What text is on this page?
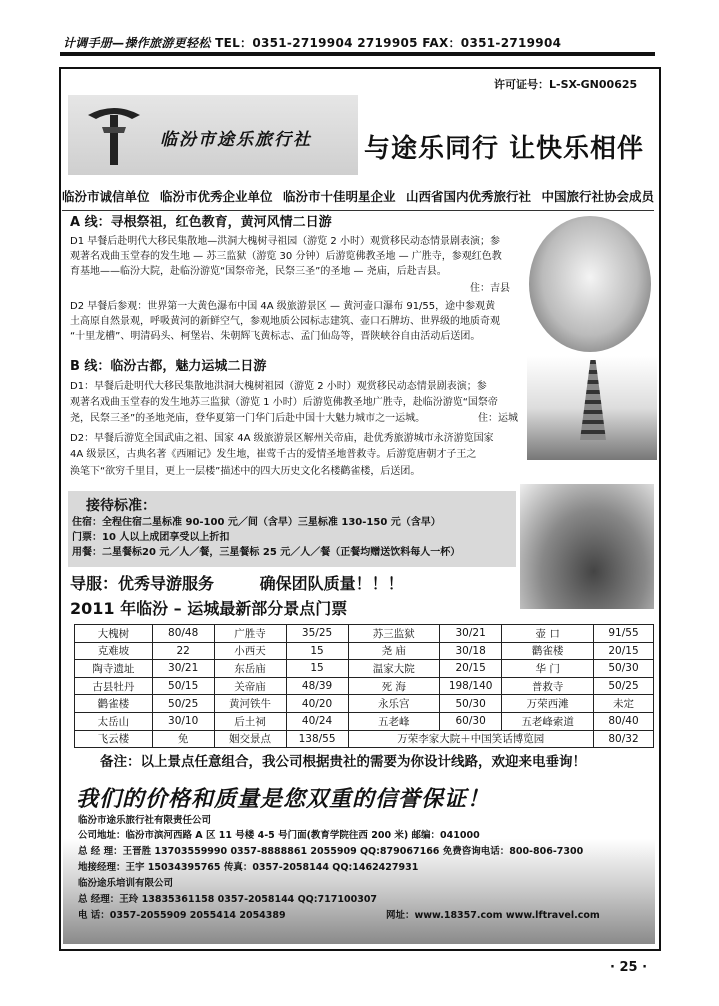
计调手册—操作旅游更轻松 TEL：0351-2719904 2719905 FAX：0351-2719904
许可证号：L-SX-GN00625
临汾市途乐旅行社 与途乐同行 让快乐相伴
临汾市诚信单位 临汾市优秀企业单位 临汾市十佳明星企业 山西省国内优秀旅行社 中国旅行社协会成员
A 线：寻根祭祖，红色教育，黄河风情二日游
D1 早餐后赴明代大移民集散地—洪洞大槐树寻祖园（游览 2 小时）观赏移民动态情景剧表演；参
观著名戏曲玉堂春的发生地 — 苏三监狱（游览 30 分钟）后游览佛教圣地 — 广胜寺，参观红色教
育基地——临汾大院，赴临汾游览“国祭帝尧，民祭三圣”的圣地 — 尧庙，后赴吉县。
住：吉县
D2 早餐后参观：世界第一大黄色瀑布中国 4A 级旅游景区 — 黄河壶口瀑布 91/55，途中参观黄
土高原自然景观，呼吸黄河的新鲜空气，参观地质公园标志建筑、壶口石牌坊、世界级的地质奇观
“十里龙槽”、明清码头、柯堡岩、朱朝辉飞黄标志、孟门仙岛等，晋陕峡谷自由活动后送团。
B 线：临汾古都，魅力运城二日游
D1：早餐后赴明代大移民集散地洪洞大槐树祖园（游览 2 小时）观赏移民动态情景剧表演；参
观著名戏曲玉堂春的发生地苏三监狱（游览 1 小时）后游览佛教圣地广胜寺，赴临汾游览“国祭帝
尧，民祭三圣”的圣地尧庙，登华夏第一门华门后赴中国十大魅力城市之一运城。	住：运城
D2：早餐后游览全国武庙之祖、国家 4A 级旅游景区解州关帝庙，赴优秀旅游城市永济游览国家
4A 级景区，古典名著《西厢记》发生地，崔莺千古的爱情圣地普救寺。后游览唐朝才子王之
涣笔下“欲穷千里目，更上一层楼”描述中的四大历史文化名楼鹳雀楼，后送团。
接待标准：
住宿：全程住宿二星标准 90-100 元／间（含早）三星标准 130-150 元（含早）
门票：10 人以上成团享受以上折扣
用餐：二星餐标20 元／人／餐，三星餐标 25 元／人／餐（正餐均赠送饮料每人一杯）
导服：优秀导游服务	确保团队质量！！！
2011 年临汾 – 运城最新部分景点门票
大槐树	80/48	广胜寺	35/25	苏三监狱	30/21	壶 口	91/55
克难坡	22	小西天	15	尧 庙	30/18	鹳雀楼	20/15
陶寺遗址	30/21	东岳庙	15	温家大院	20/15	华 门	50/30
古县牡丹	50/15	关帝庙	48/39	死 海	198/140	普救寺	50/25
鹳雀楼	50/25	黄河铁牛	40/20	永乐宫	50/30	万荣西滩	未定
太岳山	30/10	后土祠	40/24	五老峰	60/30	五老峰索道	80/40
飞云楼	免	姻交景点	138/55	万荣李家大院＋中国笑话博览园			80/32
备注：以上景点任意组合，我公司根据贵社的需要为你设计线路，欢迎来电垂询！
我们的价格和质量是您双重的信誉保证！
临汾市途乐旅行社有限责任公司
公司地址：临汾市滨河西路 A 区 11 号楼 4-5 号门面(教育学院往西 200 米) 邮编：041000
总 经 理：王晋胜 13703559990 0357-8888861 2055909 QQ:879067166 免费咨询电话：800-806-7300
地接经理：王宇 15034395765 传真：0357-2058144 QQ:1462427931
临汾途乐培训有限公司
总 经理：王玲 13835361158 0357-2058144 QQ:717100307
电 话：0357-2055909 2055414 2054389	网址：www.18357.com www.lftravel.com
· 25 ·
